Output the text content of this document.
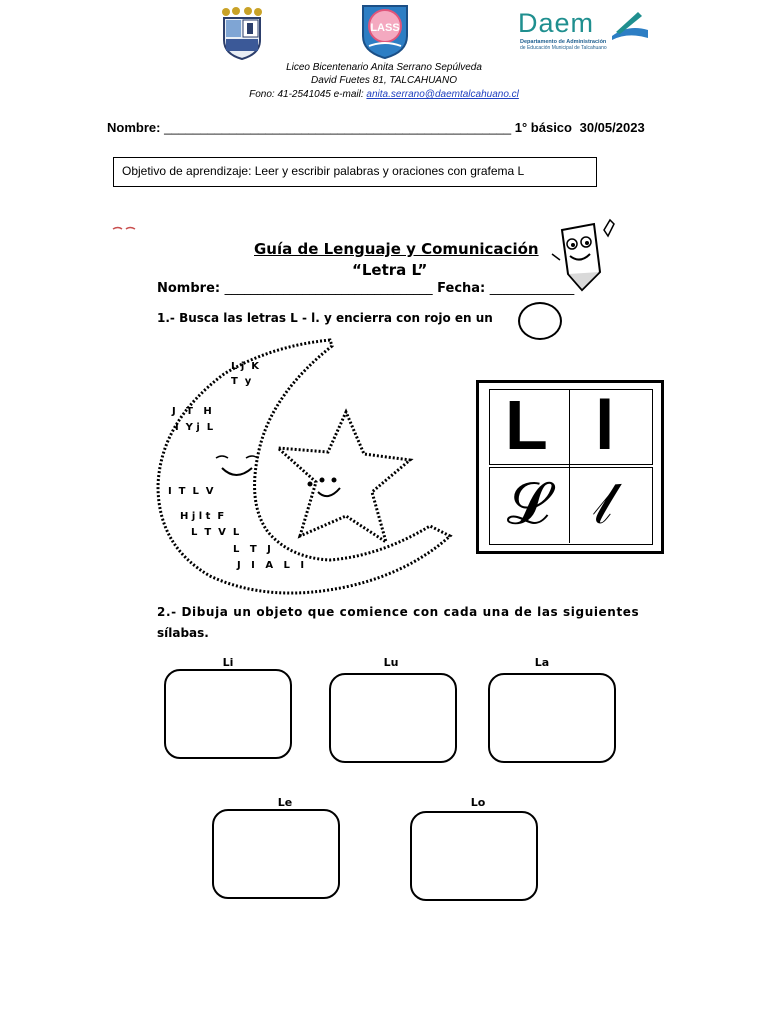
LASS	Daem
Departamento de Administración
de Educación Municipal de Talcahuano
Liceo Bicentenario Anita Serrano Sepúlveda
David Fuetes 81, TALCAHUANO
Fono: 41-2541045 e-mail: anita.serrano@daemtalcahuano.cl
Nombre: ________________________________________________ 1° básico 30/05/2023
Objetivo de aprendizaje: Leer y escribir palabras y oraciones con grafema L
Guía de Lenguaje y Comunicación
“Letra L”
Nombre: ________________________________ Fecha: _____________
1.- Busca las letras L - l. y encierra con rojo en un
L j  K
T  y
J   T   H
I  Y j  L
I  T  L  V
H j l t  F
L  T  V  L
L   T   J
J   I   A   L   I
L l
𝓛 𝓁
2.- Dibuja un objeto que comience con cada una de las siguientes
sílabas.
Li	Lu	La
Le	Lo
